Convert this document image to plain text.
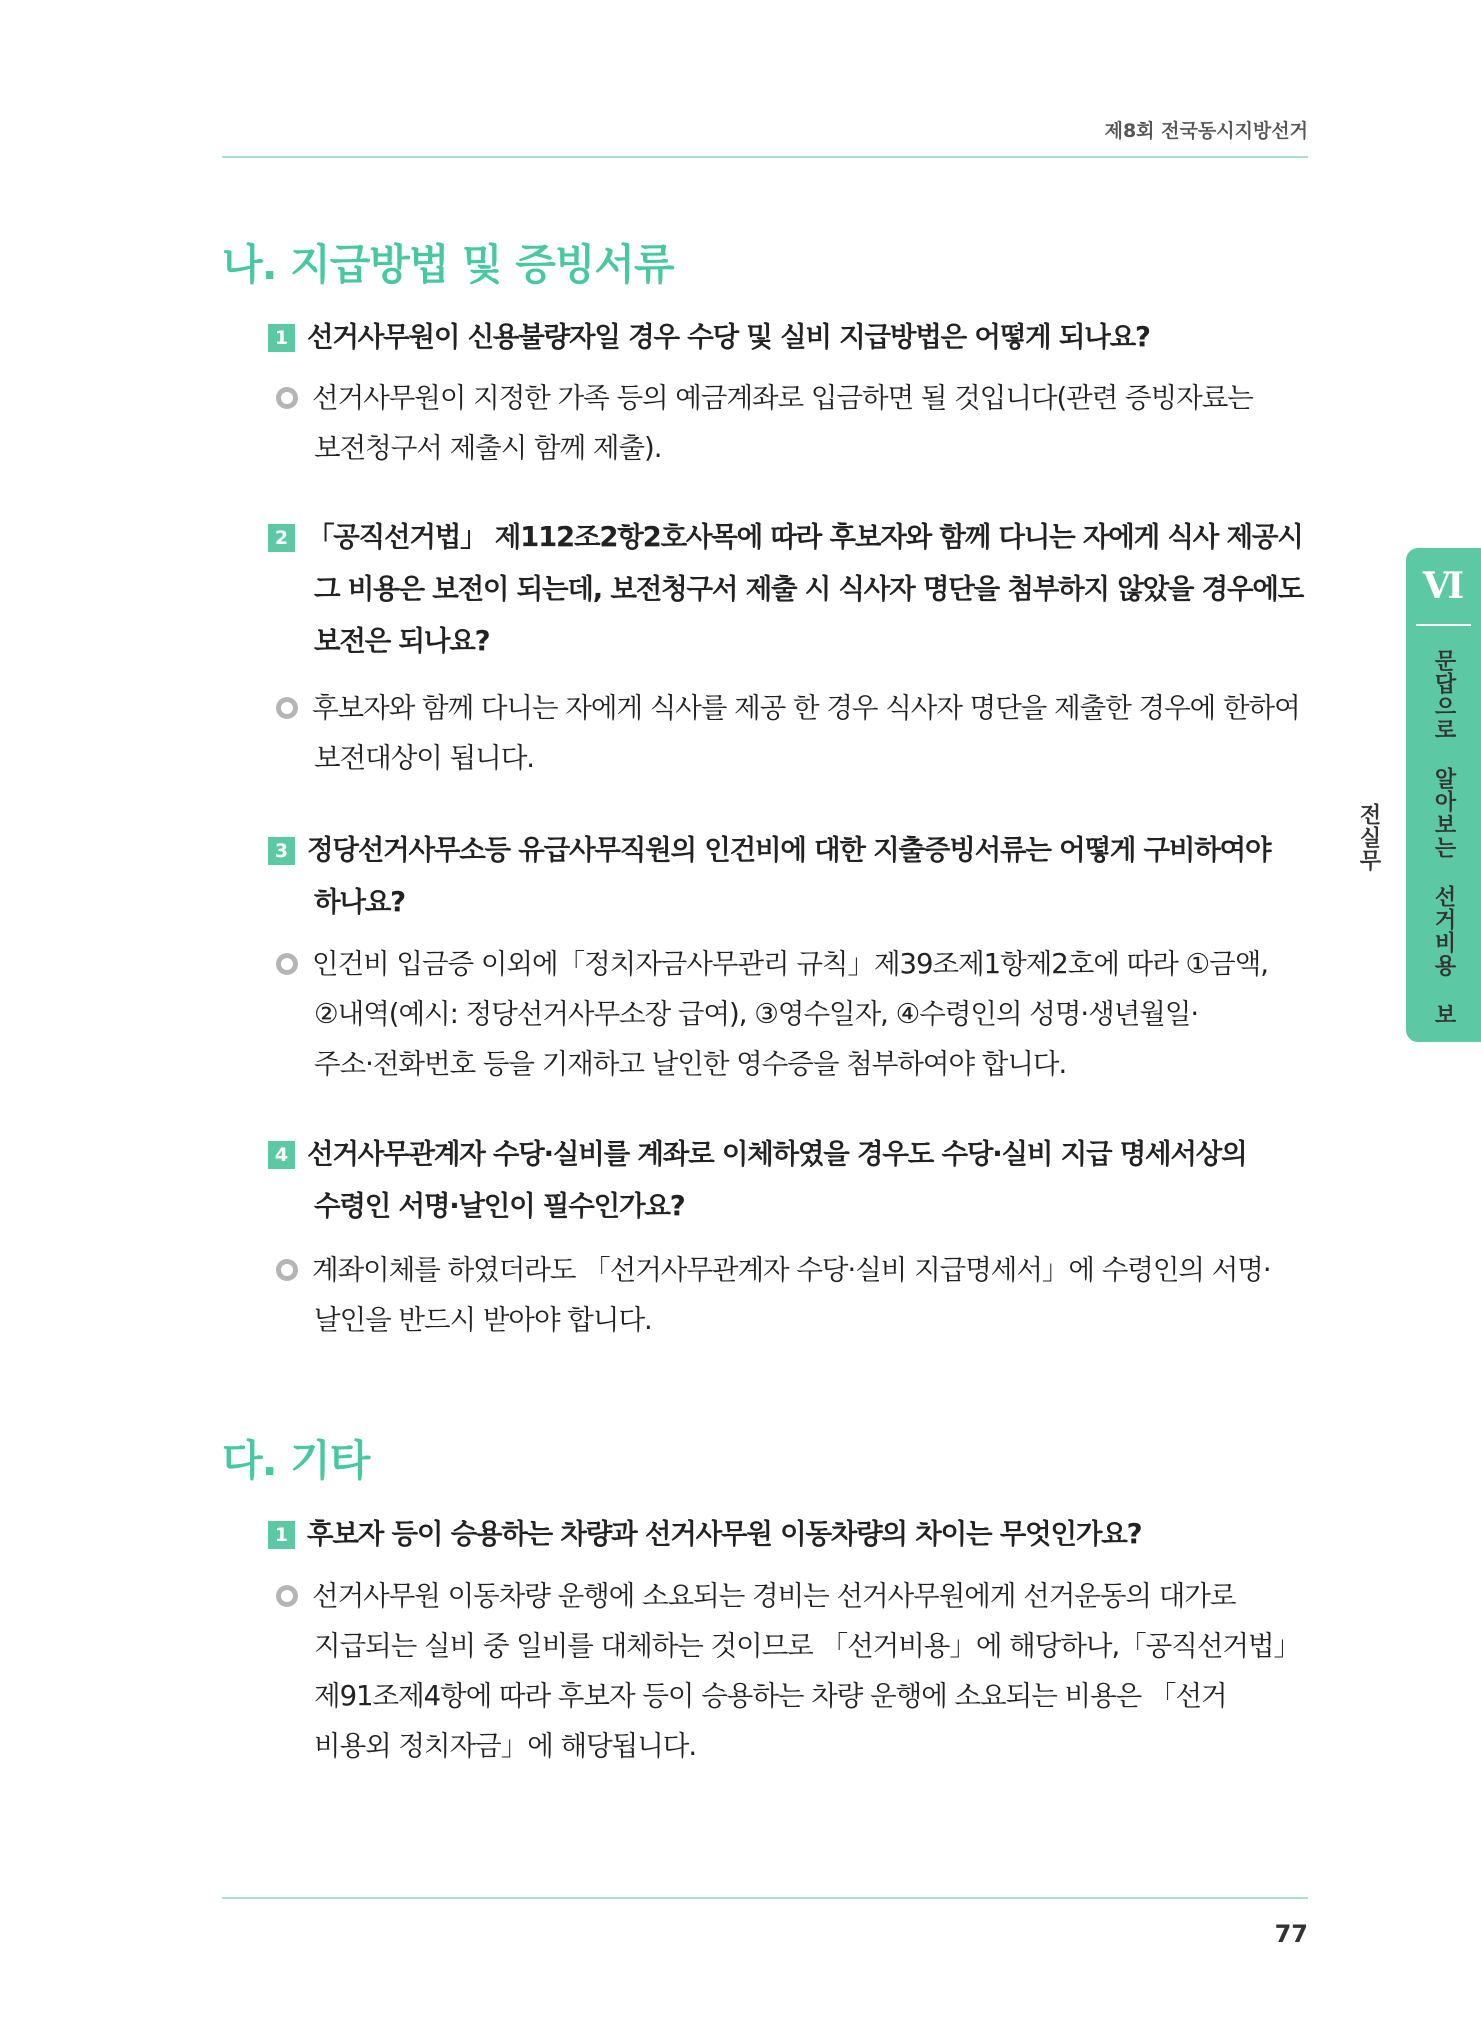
제8회 전국동시지방선거
나. 지급방법 및 증빙서류
1 선거사무원이 신용불량자일 경우 수당 및 실비 지급방법은 어떻게 되나요?
선거사무원이 지정한 가족 등의 예금계좌로 입금하면 될 것입니다(관련 증빙자료는
보전청구서 제출시 함께 제출).
2 「공직선거법」 제112조2항2호사목에 따라 후보자와 함께 다니는 자에게 식사 제공시
그 비용은 보전이 되는데, 보전청구서 제출 시 식사자 명단을 첨부하지 않았을 경우에도
보전은 되나요?
후보자와 함께 다니는 자에게 식사를 제공 한 경우 식사자 명단을 제출한 경우에 한하여
보전대상이 됩니다.
3 정당선거사무소등 유급사무직원의 인건비에 대한 지출증빙서류는 어떻게 구비하여야
하나요?
인건비 입금증 이외에「정치자금사무관리 규칙」제39조제1항제2호에 따라 ①금액,
②내역(예시: 정당선거사무소장 급여), ③영수일자, ④수령인의 성명·생년월일·
주소·전화번호 등을 기재하고 날인한 영수증을 첨부하여야 합니다.
4 선거사무관계자 수당·실비를 계좌로 이체하였을 경우도 수당·실비 지급 명세서상의
수령인 서명·날인이 필수인가요?
계좌이체를 하였더라도 「선거사무관계자 수당·실비 지급명세서」에 수령인의 서명·
날인을 반드시 받아야 합니다.
다. 기타
1 후보자 등이 승용하는 차량과 선거사무원 이동차량의 차이는 무엇인가요?
선거사무원 이동차량 운행에 소요되는 경비는 선거사무원에게 선거운동의 대가로
지급되는 실비 중 일비를 대체하는 것이므로 「선거비용」에 해당하나,「공직선거법」
제91조제4항에 따라 후보자 등이 승용하는 차량 운행에 소요되는 비용은 「선거
비용외 정치자금」에 해당됩니다.
Ⅵ
문답으로 알아보는 선거비용 보전실무
77
